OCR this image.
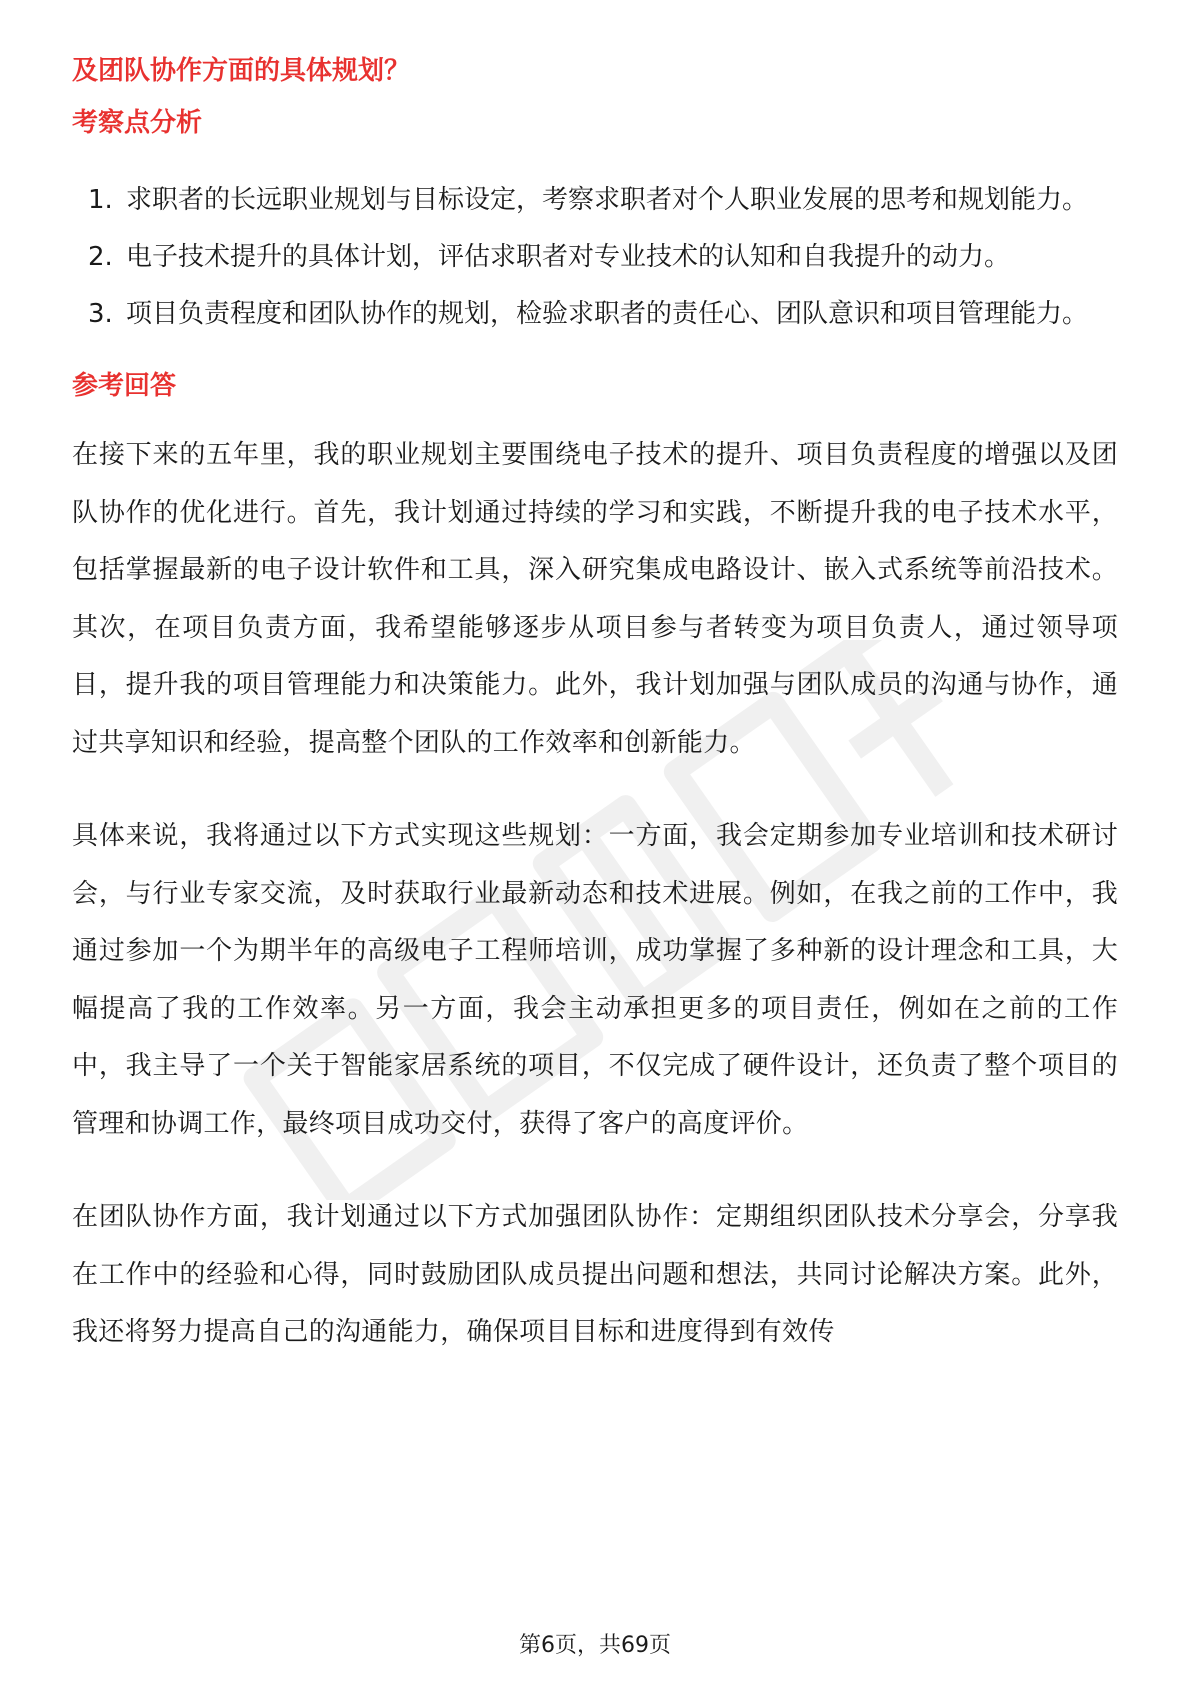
及团队协作方面的具体规划？

考察点分析

1. 求职者的长远职业规划与目标设定，考察求职者对个人职业发展的思考和规划能力。
2. 电子技术提升的具体计划，评估求职者对专业技术的认知和自我提升的动力。
3. 项目负责程度和团队协作的规划，检验求职者的责任心、团队意识和项目管理能力。

参考回答

在接下来的五年里，我的职业规划主要围绕电子技术的提升、项目负责程度的增强以及团队协作的优化进行。首先，我计划通过持续的学习和实践，不断提升我的电子技术水平，包括掌握最新的电子设计软件和工具，深入研究集成电路设计、嵌入式系统等前沿技术。其次，在项目负责方面，我希望能够逐步从项目参与者转变为项目负责人，通过领导项目，提升我的项目管理能力和决策能力。此外，我计划加强与团队成员的沟通与协作，通过共享知识和经验，提高整个团队的工作效率和创新能力。

具体来说，我将通过以下方式实现这些规划：一方面，我会定期参加专业培训和技术研讨会，与行业专家交流，及时获取行业最新动态和技术进展。例如，在我之前的工作中，我通过参加一个为期半年的高级电子工程师培训，成功掌握了多种新的设计理念和工具，大幅提高了我的工作效率。另一方面，我会主动承担更多的项目责任，例如在之前的工作中，我主导了一个关于智能家居系统的项目，不仅完成了硬件设计，还负责了整个项目的管理和协调工作，最终项目成功交付，获得了客户的高度评价。

在团队协作方面，我计划通过以下方式加强团队协作：定期组织团队技术分享会，分享我在工作中的经验和心得，同时鼓励团队成员提出问题和想法，共同讨论解决方案。此外，我还将努力提高自己的沟通能力，确保项目目标和进度得到有效传

第6页，共69页
